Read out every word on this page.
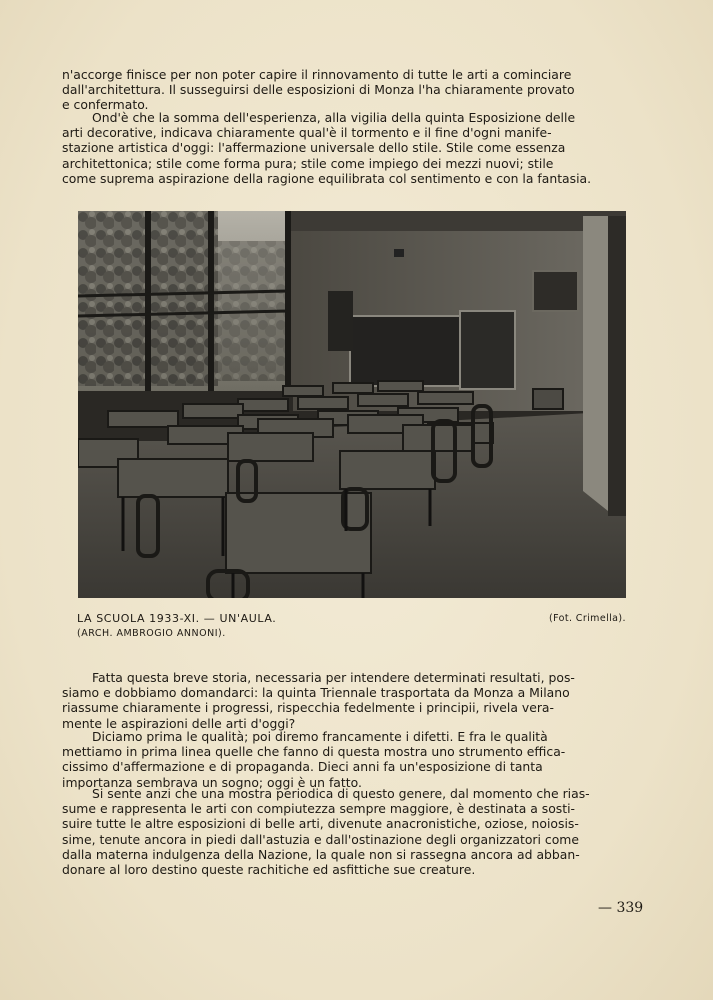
n'accorge finisce per non poter capire il rinnovamento di tutte le arti a cominciare
dall'architettura. Il susseguirsi delle esposizioni di Monza l'ha chiaramente provato
e confermato.

Ond'è che la somma dell'esperienza, alla vigilia della quinta Esposizione delle
arti decorative, indicava chiaramente qual'è il tormento e il fine d'ogni manife-
stazione artistica d'oggi: l'affermazione universale dello stile. Stile come essenza
architettonica; stile come forma pura; stile come impiego dei mezzi nuovi; stile
come suprema aspirazione della ragione equilibrata col sentimento e con la fantasia.

LA SCUOLA 1933-XI. — UN'AULA.
(ARCH. AMBROGIO ANNONI).
(Fot. Crimella).

Fatta questa breve storia, necessaria per intendere determinati resultati, pos-
siamo e dobbiamo domandarci: la quinta Triennale trasportata da Monza a Milano
riassume chiaramente i progressi, rispecchia fedelmente i principii, rivela vera-
mente le aspirazioni delle arti d'oggi?

Diciamo prima le qualità; poi diremo francamente i difetti. E fra le qualità
mettiamo in prima linea quelle che fanno di questa mostra uno strumento effica-
cissimo d'affermazione e di propaganda. Dieci anni fa un'esposizione di tanta
importanza sembrava un sogno; oggi è un fatto.

Si sente anzi che una mostra periodica di questo genere, dal momento che rias-
sume e rappresenta le arti con compiutezza sempre maggiore, è destinata a sosti-
suire tutte le altre esposizioni di belle arti, divenute anacronistiche, oziose, noiosis-
sime, tenute ancora in piedi dall'astuzia e dall'ostinazione degli organizzatori come
dalla materna indulgenza della Nazione, la quale non si rassegna ancora ad abban-
donare al loro destino queste rachitiche ed asfittiche sue creature.

— 339
